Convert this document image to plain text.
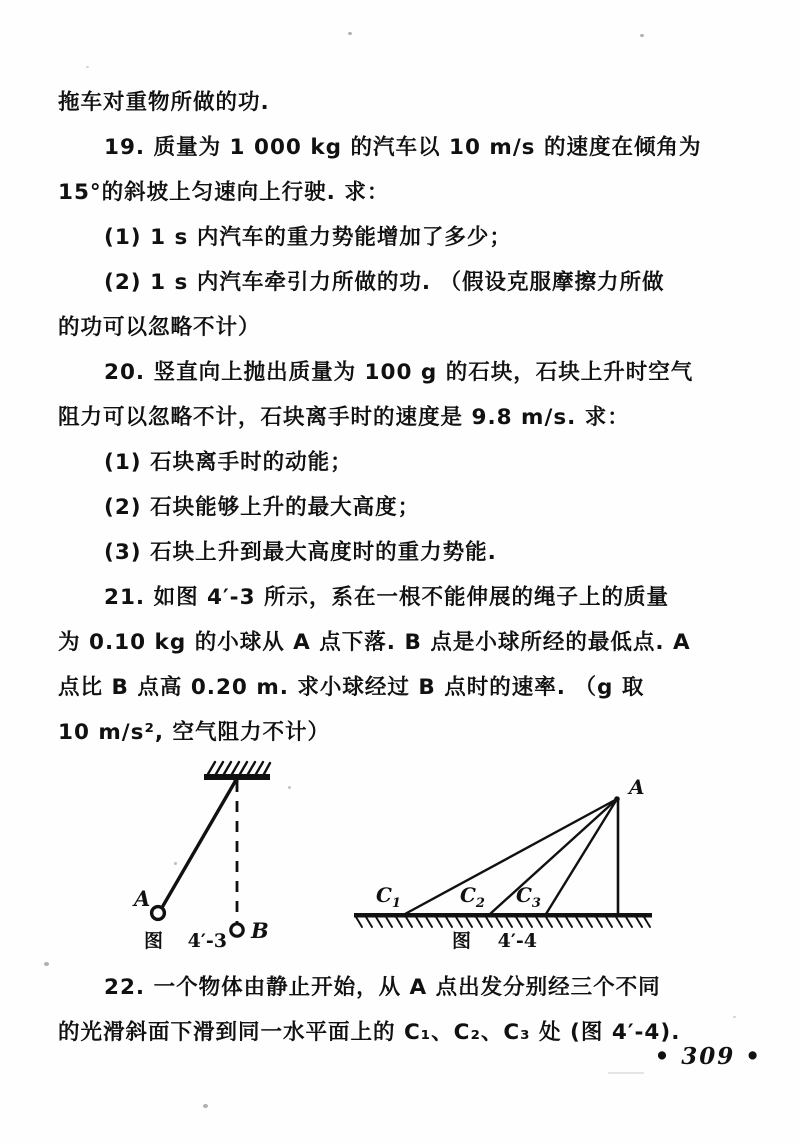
拖车对重物所做的功.
19. 质量为 1 000 kg 的汽车以 10 m/s 的速度在倾角为
15°的斜坡上匀速向上行驶. 求：
(1) 1 s 内汽车的重力势能增加了多少；
(2) 1 s 内汽车牵引力所做的功. （假设克服摩擦力所做
的功可以忽略不计）
20. 竖直向上抛出质量为 100 g 的石块，石块上升时空气
阻力可以忽略不计，石块离手时的速度是 9.8 m/s. 求：
(1) 石块离手时的动能；
(2) 石块能够上升的最大高度；
(3) 石块上升到最大高度时的重力势能.
21. 如图 4′-3 所示，系在一根不能伸展的绳子上的质量
为 0.10 kg 的小球从 A 点下落. B 点是小球所经的最低点. A
点比 B 点高 0.20 m. 求小球经过 B 点时的速率. （g 取
10 m/s², 空气阻力不计）
A
B
图 4′-3
A
$C_1$	$C_2$ $C_3$
图 4′-4
22. 一个物体由静止开始，从 A 点出发分别经三个不同
的光滑斜面下滑到同一水平面上的 C₁、C₂、C₃ 处 (图 4′-4).
• 309 •
